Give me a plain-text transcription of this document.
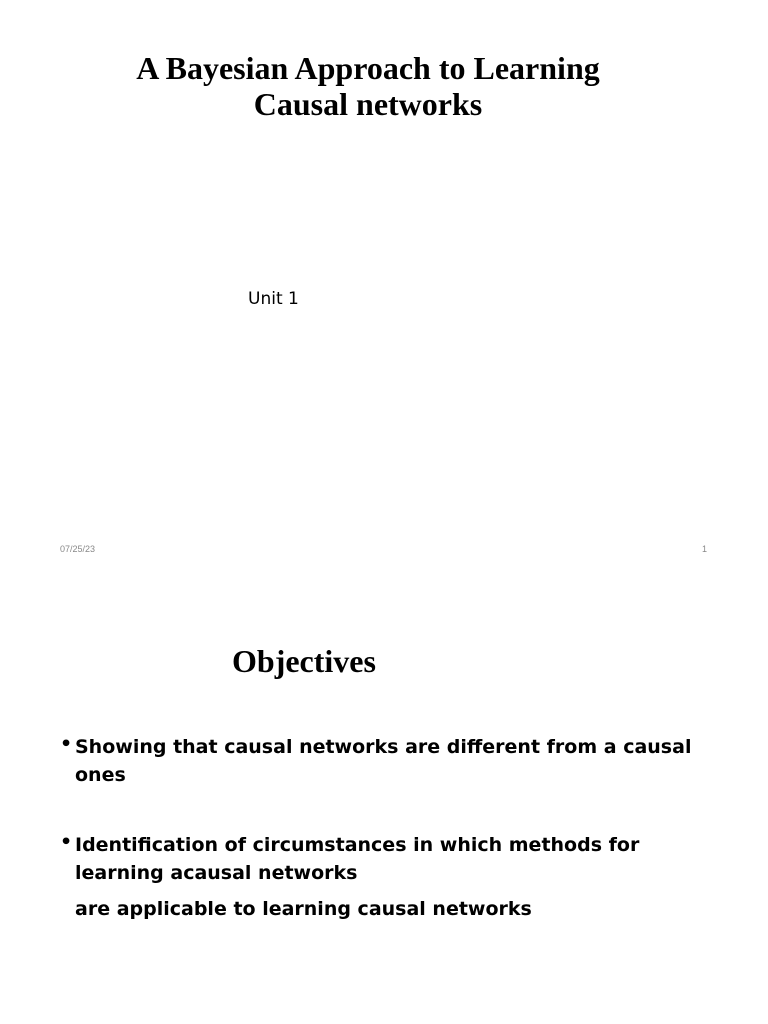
A Bayesian Approach to Learning
Causal networks
Unit 1
07/25/23	1
Objectives
• Showing that causal networks are different from a causal
ones
• Identification of circumstances in which methods for
learning acausal networks
are applicable to learning causal networks
